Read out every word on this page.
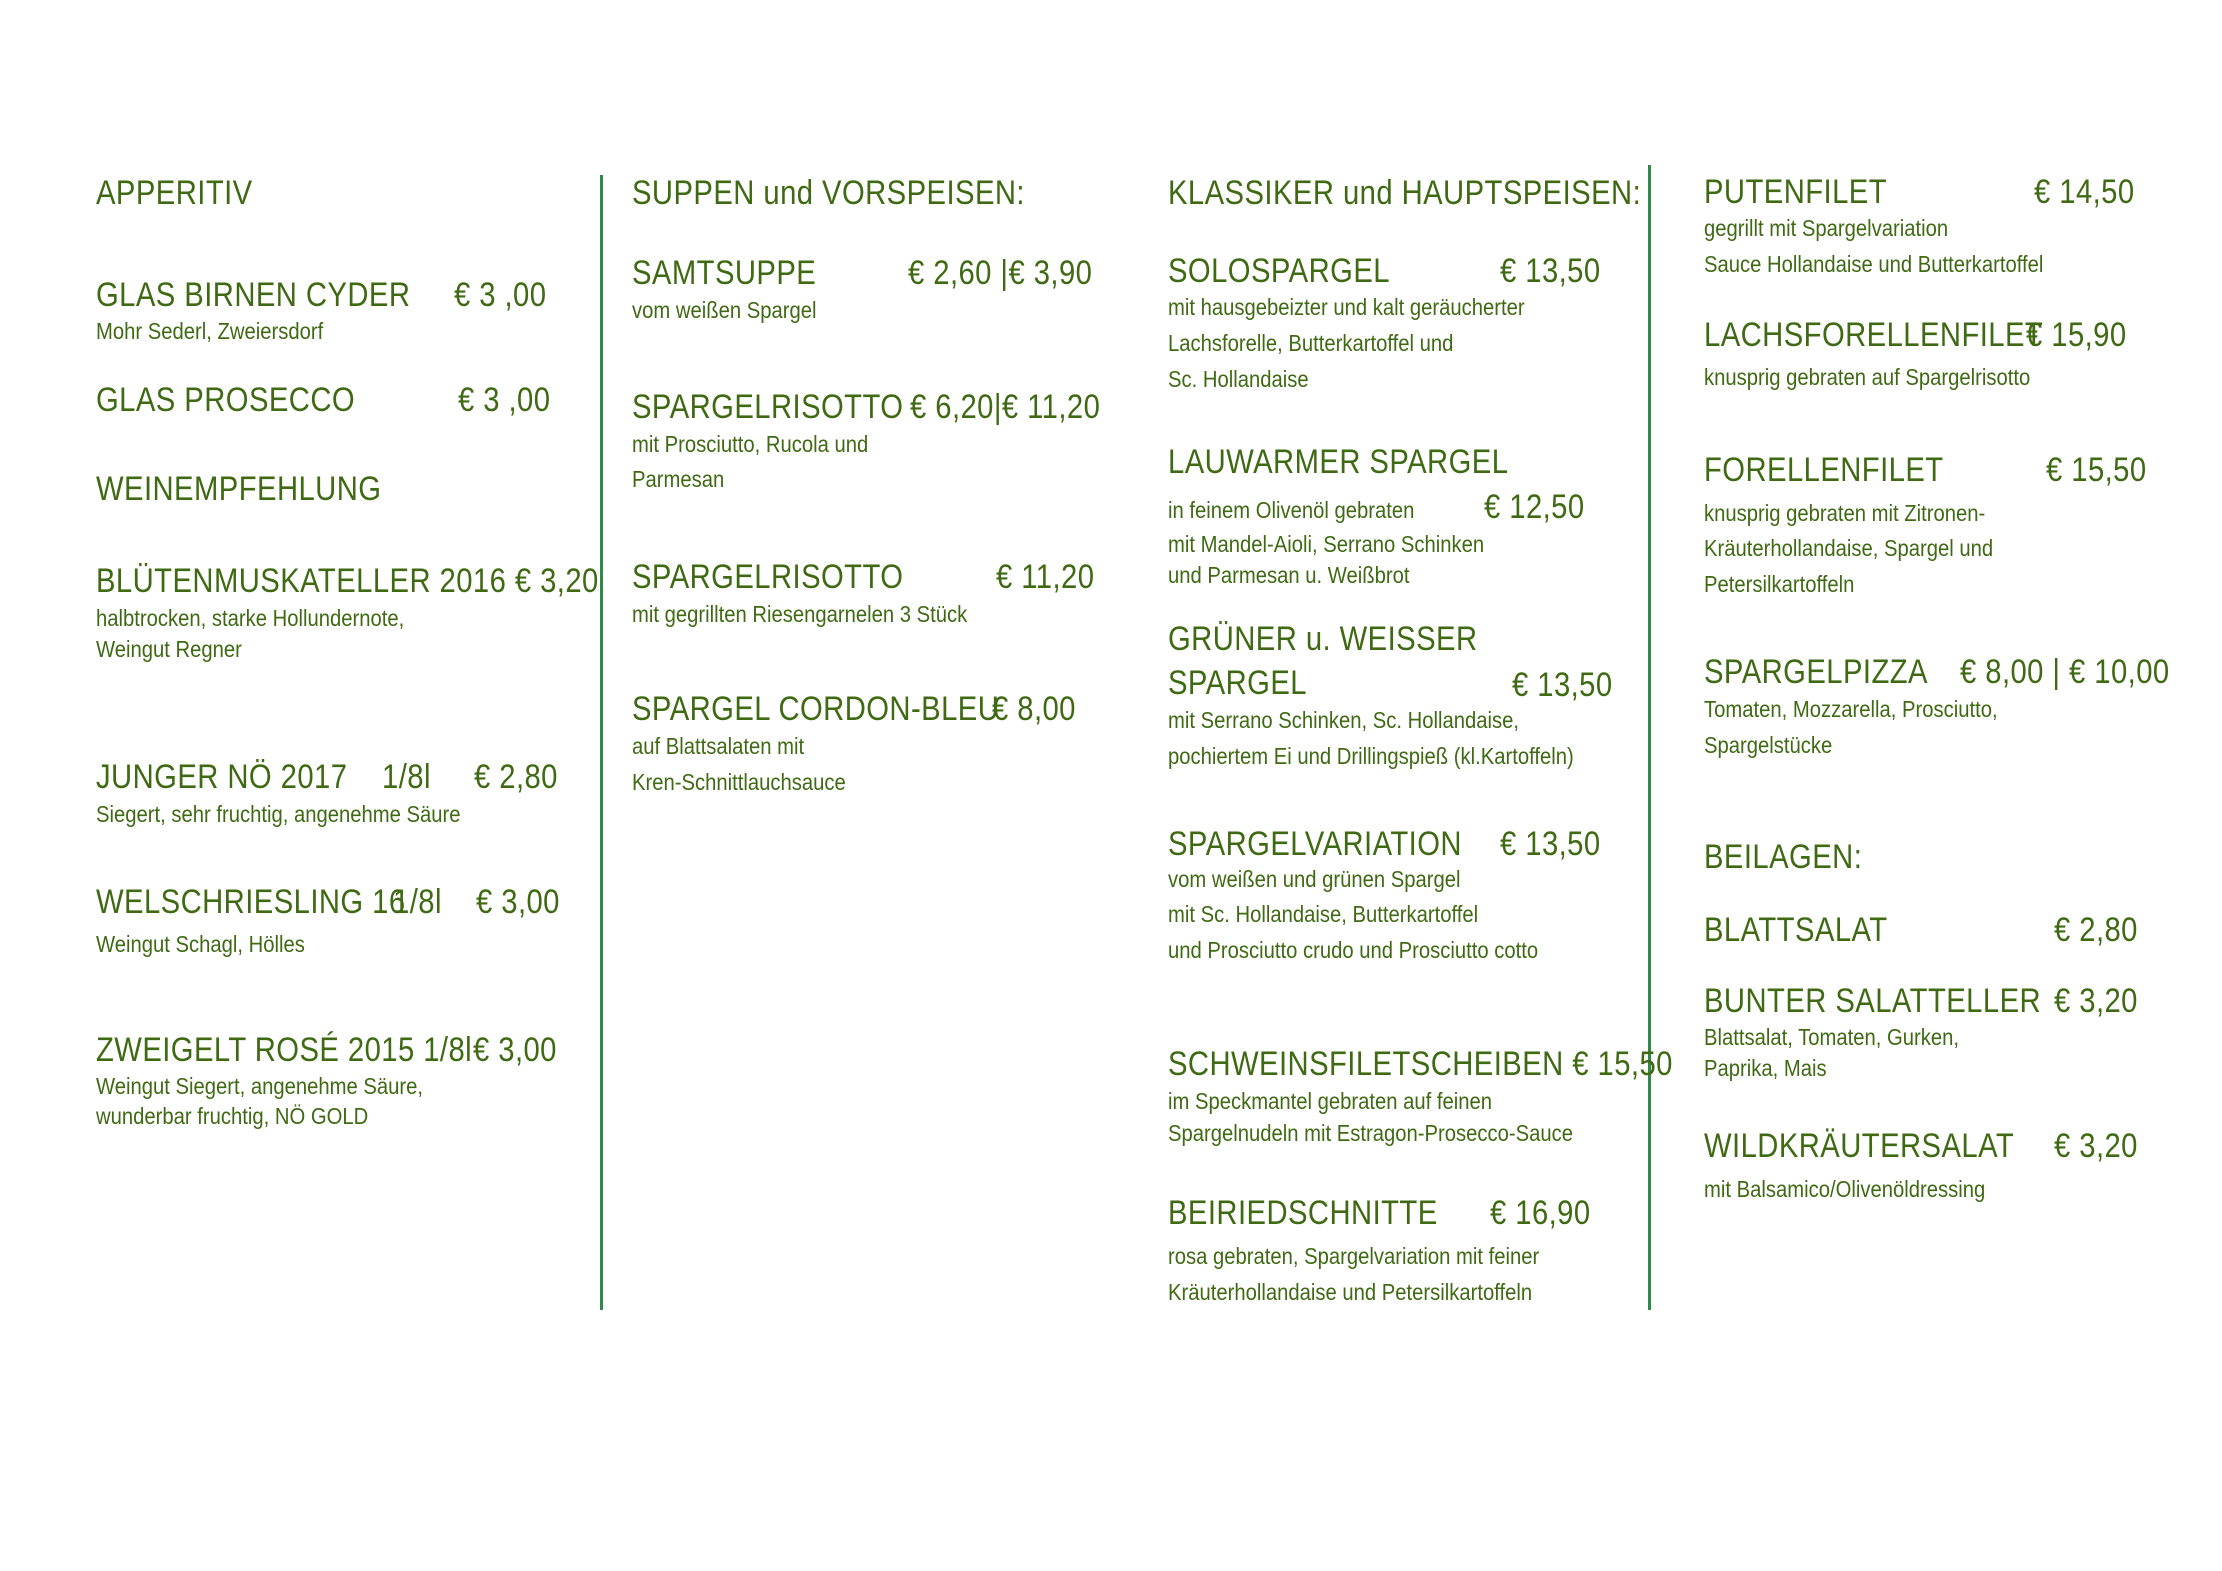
APPERITIV
GLAS BIRNEN CYDER € 3 ,00
Mohr Sederl, Zweiersdorf
GLAS PROSECCO	€ 3 ,00
WEINEMPFEHLUNG
BLÜTENMUSKATELLER 2016 € 3,20
halbtrocken, starke Hollundernote,
Weingut Regner
JUNGER NÖ 2017 1/8l € 2,80
Siegert, sehr fruchtig, angenehme Säure
WELSCHRIESLING 16
1/8l € 3,00
Weingut Schagl, Hölles
ZWEIGELT ROSÉ 2015 1/8l € 3,00
Weingut Siegert, angenehme Säure,
wunderbar fruchtig, NÖ GOLD
SUPPEN und VORSPEISEN:
SAMTSUPPE	€ 2,60 |€ 3,90
vom weißen Spargel
SPARGELRISOTTO € 6,20|€ 11,20
mit Prosciutto, Rucola und
Parmesan
SPARGELRISOTTO	€ 11,20
mit gegrillten Riesengarnelen 3 Stück
SPARGEL CORDON-BLEU
€ 8,00
auf Blattsalaten mit
Kren-Schnittlauchsauce
KLASSIKER und HAUPTSPEISEN:
SOLOSPARGEL	€ 13,50
mit hausgebeizter und kalt geräucherter
Lachsforelle, Butterkartoffel und
Sc. Hollandaise
LAUWARMER SPARGEL
in feinem Olivenöl gebraten € 12,50
mit Mandel-Aioli, Serrano Schinken
und Parmesan u. Weißbrot
GRÜNER u. WEISSER
SPARGEL	€ 13,50
mit Serrano Schinken, Sc. Hollandaise,
pochiertem Ei und Drillingspieß (kl.Kartoffeln)
SPARGELVARIATION € 13,50
vom weißen und grünen Spargel
mit Sc. Hollandaise, Butterkartoffel
und Prosciutto crudo und Prosciutto cotto
SCHWEINSFILETSCHEIBEN € 15,50
im Speckmantel gebraten auf feinen
Spargelnudeln mit Estragon-Prosecco-Sauce
BEIRIEDSCHNITTE € 16,90
rosa gebraten, Spargelvariation mit feiner
Kräuterhollandaise und Petersilkartoffeln
PUTENFILET	€ 14,50
gegrillt mit Spargelvariation
Sauce Hollandaise und Butterkartoffel
LACHSFORELLENFILET
€ 15,90
knusprig gebraten auf Spargelrisotto
FORELLENFILET	€ 15,50
knusprig gebraten mit Zitronen-
Kräuterhollandaise, Spargel und
Petersilkartoffeln
SPARGELPIZZA € 8,00 | € 10,00
Tomaten, Mozzarella, Prosciutto,
Spargelstücke
BEILAGEN:
BLATTSALAT	€ 2,80
BUNTER SALATTELLER € 3,20
Blattsalat, Tomaten, Gurken,
Paprika, Mais
WILDKRÄUTERSALAT € 3,20
mit Balsamico/Olivenöldressing
